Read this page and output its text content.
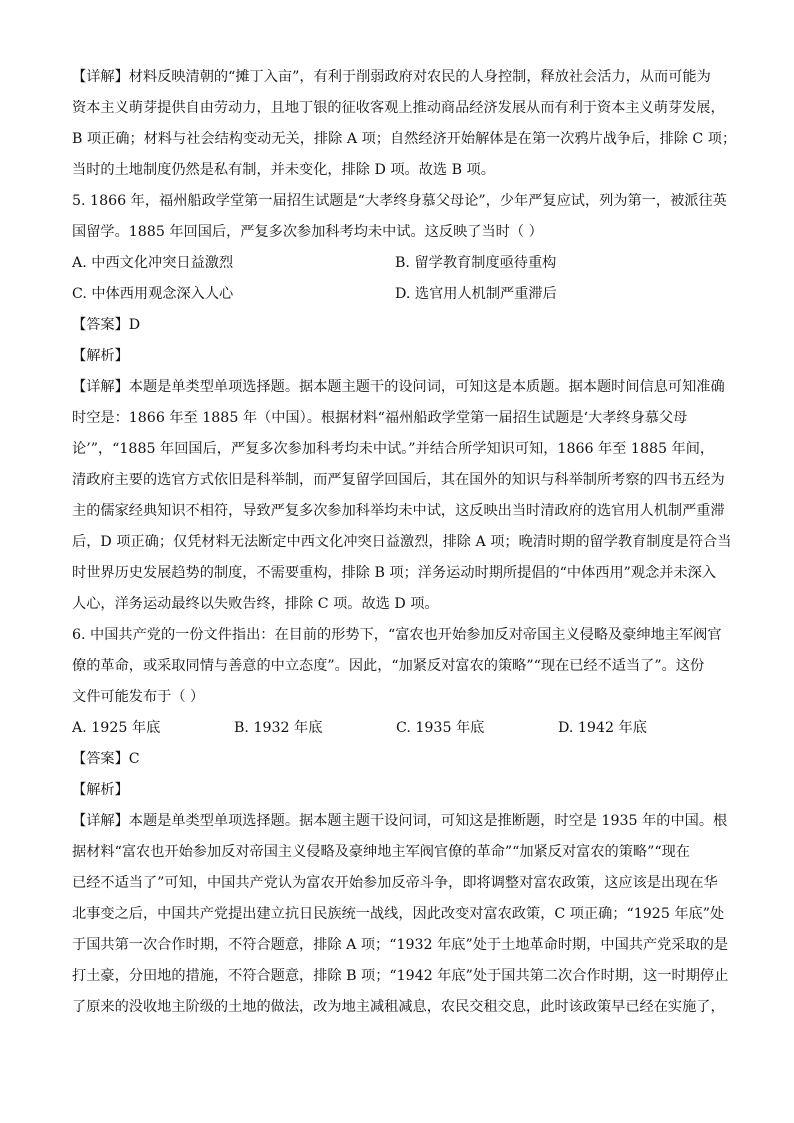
【详解】材料反映清朝的“摊丁入亩”，有利于削弱政府对农民的人身控制，释放社会活力，从而可能为
资本主义萌芽提供自由劳动力，且地丁银的征收客观上推动商品经济发展从而有利于资本主义萌芽发展，
B 项正确；材料与社会结构变动无关，排除 A 项；自然经济开始解体是在第一次鸦片战争后，排除 C 项；
当时的土地制度仍然是私有制，并未变化，排除 D 项。故选 B 项。
5. 1866 年，福州船政学堂第一届招生试题是“大孝终身慕父母论”，少年严复应试，列为第一，被派往英
国留学。1885 年回国后，严复多次参加科考均未中试。这反映了当时（ ）
A. 中西文化冲突日益激烈	B. 留学教育制度亟待重构
C. 中体西用观念深入人心	D. 选官用人机制严重滞后
【答案】D
【解析】
【详解】本题是单类型单项选择题。据本题主题干的设问词，可知这是本质题。据本题时间信息可知准确
时空是：1866 年至 1885 年（中国）。根据材料“福州船政学堂第一届招生试题是‘大孝终身慕父母
论’”，“1885 年回国后，严复多次参加科考均未中试。”并结合所学知识可知，1866 年至 1885 年间，
清政府主要的选官方式依旧是科举制，而严复留学回国后，其在国外的知识与科举制所考察的四书五经为
主的儒家经典知识不相符，导致严复多次参加科举均未中试，这反映出当时清政府的选官用人机制严重滞
后，D 项正确；仅凭材料无法断定中西文化冲突日益激烈，排除 A 项；晚清时期的留学教育制度是符合当
时世界历史发展趋势的制度，不需要重构，排除 B 项；洋务运动时期所提倡的“中体西用”观念并未深入
人心，洋务运动最终以失败告终，排除 C 项。故选 D 项。
6. 中国共产党的一份文件指出：在目前的形势下，“富农也开始参加反对帝国主义侵略及豪绅地主军阀官
僚的革命，或采取同情与善意的中立态度”。因此，“加紧反对富农的策略”“现在已经不适当了”。这份
文件可能发布于（ ）
A. 1925 年底	B. 1932 年底	C. 1935 年底	D. 1942 年底
【答案】C
【解析】
【详解】本题是单类型单项选择题。据本题主题干设问词，可知这是推断题，时空是 1935 年的中国。根
据材料“富农也开始参加反对帝国主义侵略及豪绅地主军阀官僚的革命”“加紧反对富农的策略”“现在
已经不适当了”可知，中国共产党认为富农开始参加反帝斗争，即将调整对富农政策，这应该是出现在华
北事变之后，中国共产党提出建立抗日民族统一战线，因此改变对富农政策，C 项正确；“1925 年底”处
于国共第一次合作时期，不符合题意，排除 A 项；“1932 年底”处于土地革命时期，中国共产党采取的是
打土豪，分田地的措施，不符合题意，排除 B 项；“1942 年底”处于国共第二次合作时期，这一时期停止
了原来的没收地主阶级的土地的做法，改为地主减租减息，农民交租交息，此时该政策早已经在实施了，
